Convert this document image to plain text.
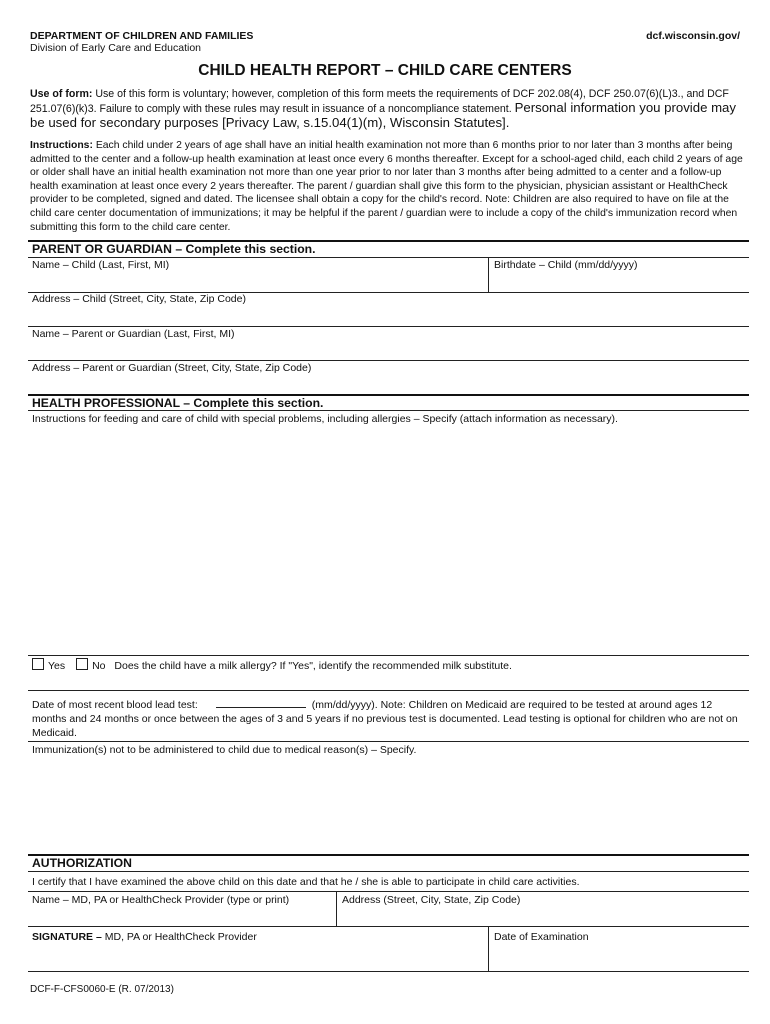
DEPARTMENT OF CHILDREN AND FAMILIES
Division of Early Care and Education
dcf.wisconsin.gov/
CHILD HEALTH REPORT – CHILD CARE CENTERS
Use of form: Use of this form is voluntary; however, completion of this form meets the requirements of DCF 202.08(4), DCF 250.07(6)(L)3., and DCF 251.07(6)(k)3. Failure to comply with these rules may result in issuance of a noncompliance statement. Personal information you provide may be used for secondary purposes [Privacy Law, s.15.04(1)(m), Wisconsin Statutes].
Instructions: Each child under 2 years of age shall have an initial health examination not more than 6 months prior to nor later than 3 months after being admitted to the center and a follow-up health examination at least once every 6 months thereafter. Except for a school-aged child, each child 2 years of age or older shall have an initial health examination not more than one year prior to nor later than 3 months after being admitted to a center and a follow-up health examination at least once every 2 years thereafter. The parent / guardian shall give this form to the physician, physician assistant or HealthCheck provider to be completed, signed and dated. The licensee shall obtain a copy for the child's record. Note: Children are also required to have on file at the child care center documentation of immunizations; it may be helpful if the parent / guardian were to include a copy of the child's immunization record when submitting this form to the child care center.
PARENT OR GUARDIAN – Complete this section.
Name – Child (Last, First, MI)	Birthdate – Child (mm/dd/yyyy)
Address – Child (Street, City, State, Zip Code)
Name – Parent or Guardian (Last, First, MI)
Address – Parent or Guardian (Street, City, State, Zip Code)
HEALTH PROFESSIONAL – Complete this section.
Instructions for feeding and care of child with special problems, including allergies – Specify (attach information as necessary).
Yes	No Does the child have a milk allergy? If "Yes", identify the recommended milk substitute.
Date of most recent blood lead test:	(mm/dd/yyyy). Note: Children on Medicaid are required to be tested at around ages 12 months and 24 months or once between the ages of 3 and 5 years if no previous test is documented. Lead testing is optional for children who are not on Medicaid.
Immunization(s) not to be administered to child due to medical reason(s) – Specify.
AUTHORIZATION
I certify that I have examined the above child on this date and that he / she is able to participate in child care activities.
Name – MD, PA or HealthCheck Provider (type or print)	Address (Street, City, State, Zip Code)
SIGNATURE – MD, PA or HealthCheck Provider	Date of Examination
DCF-F-CFS0060-E (R. 07/2013)
